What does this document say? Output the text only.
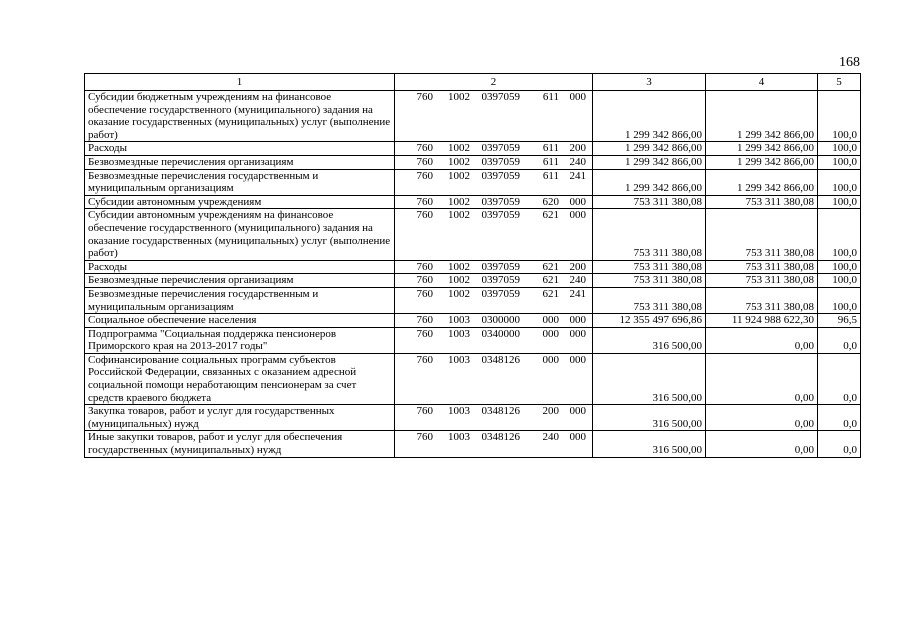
168
1	2	3	4	5
Субсидии бюджетным учреждениям на финансовое обеспечение государственного (муниципального) задания на оказание государственных (муниципальных) услуг (выполнение работ)	760 1002 0397059 611 000	1 299 342 866,00	1 299 342 866,00	100,0
Расходы	760 1002 0397059 611 200	1 299 342 866,00	1 299 342 866,00	100,0
Безвозмездные перечисления организациям	760 1002 0397059 611 240	1 299 342 866,00	1 299 342 866,00	100,0
Безвозмездные перечисления государственным и муниципальным организациям	760 1002 0397059 611 241	1 299 342 866,00	1 299 342 866,00	100,0
Субсидии автономным учреждениям	760 1002 0397059 620 000	753 311 380,08	753 311 380,08	100,0
Субсидии автономным учреждениям на финансовое обеспечение государственного (муниципального) задания на оказание государственных (муниципальных) услуг (выполнение работ)	760 1002 0397059 621 000	753 311 380,08	753 311 380,08	100,0
Расходы	760 1002 0397059 621 200	753 311 380,08	753 311 380,08	100,0
Безвозмездные перечисления организациям	760 1002 0397059 621 240	753 311 380,08	753 311 380,08	100,0
Безвозмездные перечисления государственным и муниципальным организациям	760 1002 0397059 621 241	753 311 380,08	753 311 380,08	100,0
Социальное обеспечение населения	760 1003 0300000 000 000	12 355 497 696,86	11 924 988 622,30	96,5
Подпрограмма "Социальная поддержка пенсионеров Приморского края на 2013-2017 годы"	760 1003 0340000 000 000	316 500,00	0,00	0,0
Софинансирование социальных программ субъектов Российской Федерации, связанных с оказанием адресной социальной помощи неработающим пенсионерам за счет средств краевого бюджета	760 1003 0348126 000 000	316 500,00	0,00	0,0
Закупка товаров, работ и услуг для государственных (муниципальных) нужд	760 1003 0348126 200 000	316 500,00	0,00	0,0
Иные закупки товаров, работ и услуг для обеспечения государственных (муниципальных) нужд	760 1003 0348126 240 000	316 500,00	0,00	0,0
